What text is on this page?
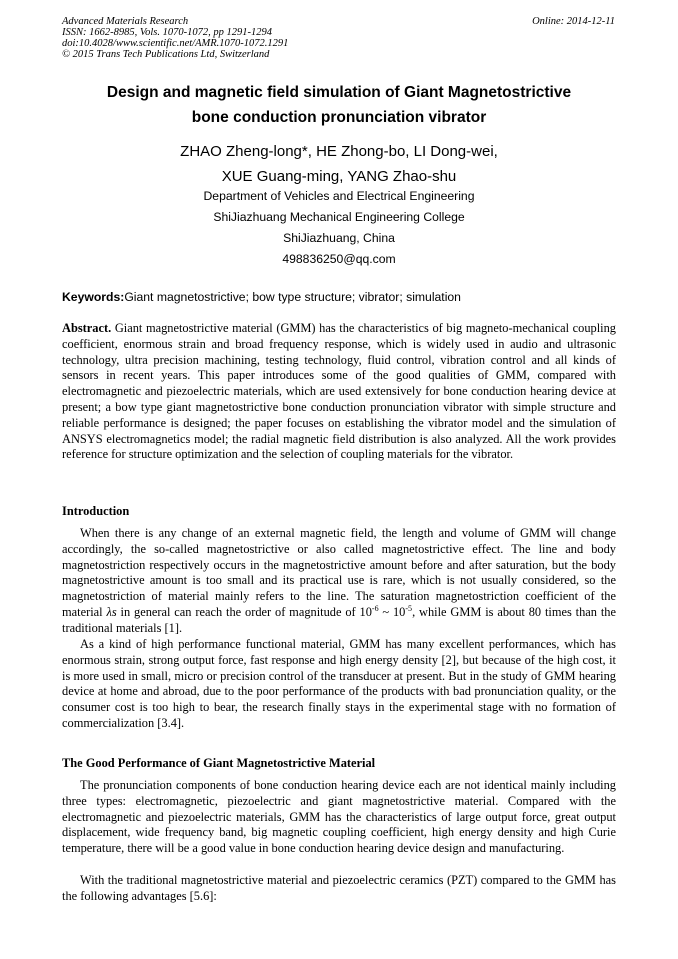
Advanced Materials Research
ISSN: 1662-8985, Vols. 1070-1072, pp 1291-1294
doi:10.4028/www.scientific.net/AMR.1070-1072.1291
© 2015 Trans Tech Publications Ltd, Switzerland
Online: 2014-12-11
Design and magnetic field simulation of Giant Magnetostrictive
bone conduction pronunciation vibrator
ZHAO Zheng-long*, HE Zhong-bo, LI Dong-wei,
XUE Guang-ming, YANG Zhao-shu
Department of Vehicles and Electrical Engineering
ShiJiazhuang Mechanical Engineering College
ShiJiazhuang, China
498836250@qq.com
Keywords:Giant magnetostrictive; bow type structure; vibrator; simulation
Abstract. Giant magnetostrictive material (GMM) has the characteristics of big magneto-mechanical coupling coefficient, enormous strain and broad frequency response, which is widely used in audio and ultrasonic technology, ultra precision machining, testing technology, fluid control, vibration control and all kinds of sensors in recent years. This paper introduces some of the good qualities of GMM, compared with electromagnetic and piezoelectric materials, which are used extensively for bone conduction hearing device at present; a bow type giant magnetostrictive bone conduction pronunciation vibrator with simple structure and reliable performance is designed; the paper focuses on establishing the vibrator model and the simulation of ANSYS electromagnetics model; the radial magnetic field distribution is also analyzed. All the work provides reference for structure optimization and the selection of coupling materials for the vibrator.
Introduction
When there is any change of an external magnetic field, the length and volume of GMM will change accordingly, the so-called magnetostrictive or also called magnetostrictive effect. The line and body magnetostriction respectively occurs in the magnetostrictive amount before and after saturation, but the body magnetostrictive amount is too small and its practical use is rare, which is not usually considered, so the magnetostriction of material mainly refers to the line. The saturation magnetostriction coefficient of the material λs in general can reach the order of magnitude of $10^{-6}$ ~ $10^{-5}$, while GMM is about 80 times than the traditional materials [1].
As a kind of high performance functional material, GMM has many excellent performances, which has enormous strain, strong output force, fast response and high energy density [2], but because of the high cost, it is more used in small, micro or precision control of the transducer at present. But in the study of GMM hearing device at home and abroad, due to the poor performance of the products with bad pronunciation quality, or the consumer cost is too high to bear, the research finally stays in the experimental stage with no formation of commercialization [3.4].
The Good Performance of Giant Magnetostrictive Material
The pronunciation components of bone conduction hearing device each are not identical mainly including three types: electromagnetic, piezoelectric and giant magnetostrictive material. Compared with the electromagnetic and piezoelectric materials, GMM has the characteristics of large output force, great output displacement, wide frequency band, big magnetic coupling coefficient, high energy density and high Curie temperature, there will be a good value in bone conduction hearing device design and manufacturing.
With the traditional magnetostrictive material and piezoelectric ceramics (PZT) compared to the GMM has the following advantages [5.6]:
